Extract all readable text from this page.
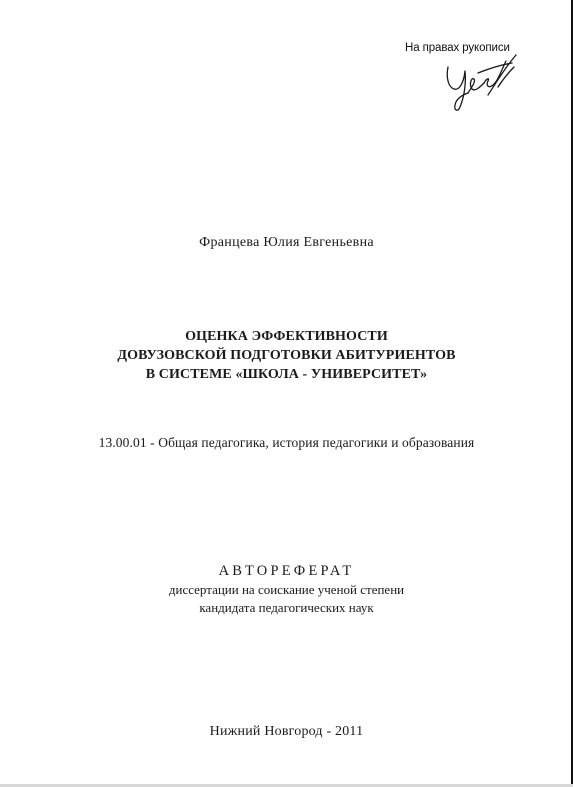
На правах рукописи
Францева Юлия Евгеньевна
ОЦЕНКА ЭФФЕКТИВНОСТИ
ДОВУЗОВСКОЙ ПОДГОТОВКИ АБИТУРИЕНТОВ
В СИСТЕМЕ «ШКОЛА - УНИВЕРСИТЕТ»
13.00.01 - Общая педагогика, история педагогики и образования
АВТОРЕФЕРАТ
диссертации на соискание ученой степени
кандидата педагогических наук
Нижний Новгород - 2011
